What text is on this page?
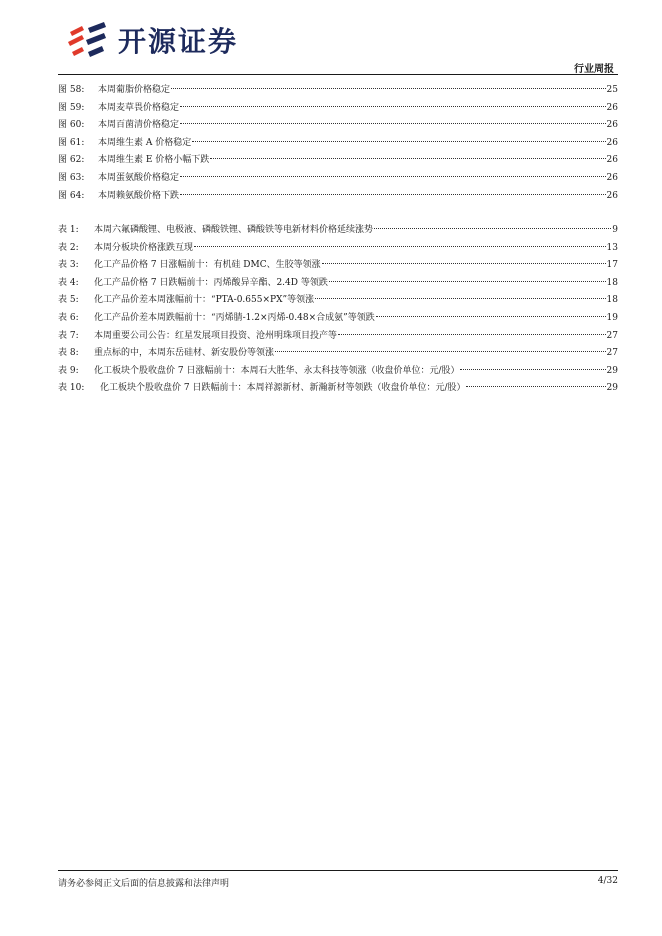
开源证券
行业周报
图 58:	本周葡脂价格稳定	25
图 59:	本周麦草畏价格稳定	26
图 60:	本周百菌清价格稳定	26
图 61:	本周维生素 A 价格稳定	26
图 62:	本周维生素 E 价格小幅下跌	26
图 63:	本周蛋氨酸价格稳定	26
图 64:	本周赖氨酸价格下跌	26
表 1:	本周六氟磷酸锂、电极液、磷酸铁锂、磷酸铁等电新材料价格延续涨势	9
表 2:	本周分板块价格涨跌互现	13
表 3:	化工产品价格 7 日涨幅前十：有机硅 DMC、生胶等领涨	17
表 4:	化工产品价格 7 日跌幅前十：丙烯酸异辛酯、2.4D 等领跌	18
表 5:	化工产品价差本周涨幅前十：“PTA-0.655×PX”等领涨	18
表 6:	化工产品价差本周跌幅前十：“丙烯腈-1.2×丙烯-0.48×合成氨”等领跌	19
表 7:	本周重要公司公告：红星发展项目投资、沧州明珠项目投产等	27
表 8:	重点标的中，本周东岳硅材、新安股份等领涨	27
表 9:	化工板块个股收盘价 7 日涨幅前十：本周石大胜华、永太科技等领涨（收盘价单位：元/股）	29
表 10:	化工板块个股收盘价 7 日跌幅前十：本周祥源新材、新瀚新材等领跌（收盘价单位：元/股）	29
请务必参阅正文后面的信息披露和法律声明	4/32
